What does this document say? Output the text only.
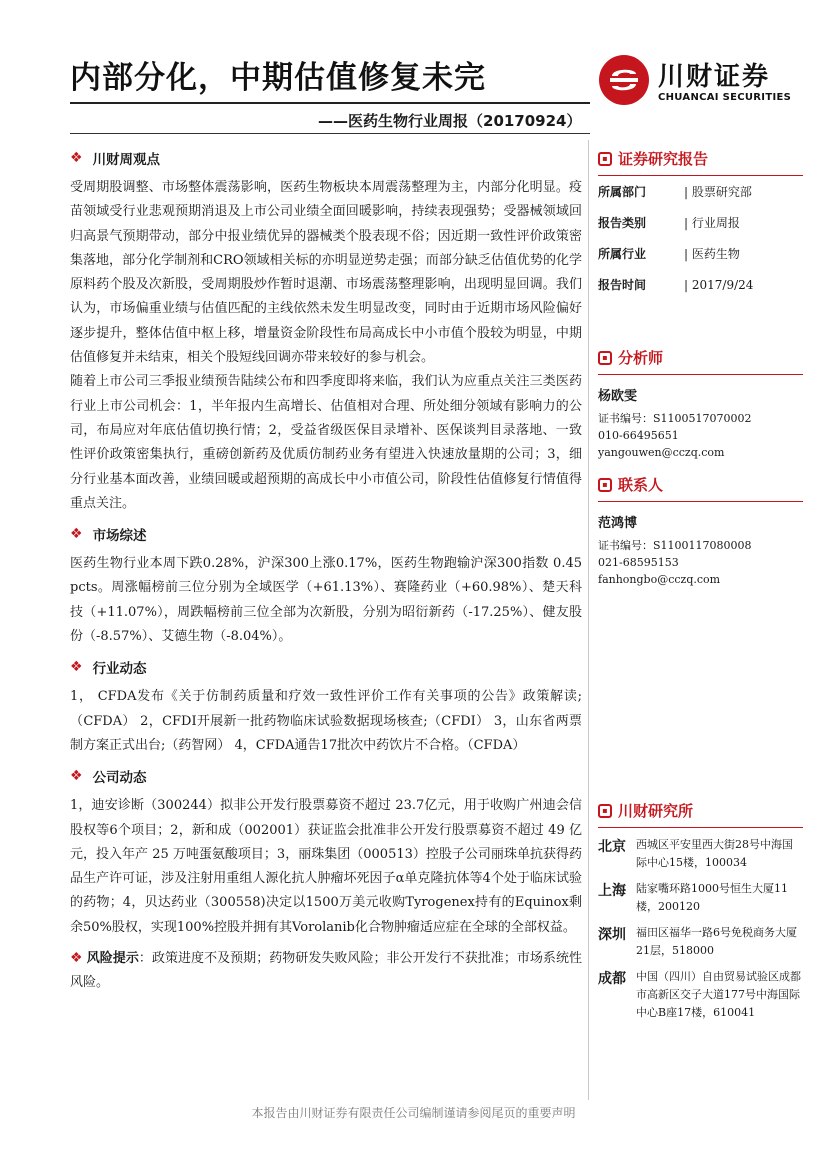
内部分化，中期估值修复未完
——医药生物行业周报（20170924）
川财证券
CHUANCAI SECURITIES
❖ 川财周观点

受周期股调整、市场整体震荡影响，医药生物板块本周震荡整理为主，内部分化明显。疫苗领域受行业悲观预期消退及上市公司业绩全面回暖影响，持续表现强势；受器械领域回归高景气预期带动，部分中报业绩优异的器械类个股表现不俗；因近期一致性评价政策密集落地，部分化学制剂和CRO领域相关标的亦明显逆势走强；而部分缺乏估值优势的化学原料药个股及次新股，受周期股炒作暂时退潮、市场震荡整理影响，出现明显回调。我们认为，市场偏重业绩与估值匹配的主线依然未发生明显改变，同时由于近期市场风险偏好逐步提升，整体估值中枢上移，增量资金阶段性布局高成长中小市值个股较为明显，中期估值修复并未结束，相关个股短线回调亦带来较好的参与机会。

随着上市公司三季报业绩预告陆续公布和四季度即将来临，我们认为应重点关注三类医药行业上市公司机会：1，半年报内生高增长、估值相对合理、所处细分领域有影响力的公司，布局应对年底估值切换行情；2，受益省级医保目录增补、医保谈判目录落地、一致性评价政策密集执行，重磅创新药及优质仿制药业务有望进入快速放量期的公司；3，细分行业基本面改善，业绩回暖或超预期的高成长中小市值公司，阶段性估值修复行情值得重点关注。

❖ 市场综述

医药生物行业本周下跌0.28%，沪深300上涨0.17%，医药生物跑输沪深300指数 0.45 pcts。周涨幅榜前三位分别为全域医学（+61.13%）、赛隆药业（+60.98%）、楚天科技（+11.07%），周跌幅榜前三位全部为次新股，分别为昭衍新药（-17.25%）、健友股份（-8.57%）、艾德生物（-8.04%）。

❖ 行业动态

1， CFDA发布《关于仿制药质量和疗效一致性评价工作有关事项的公告》政策解读;（CFDA） 2，CFDI开展新一批药物临床试验数据现场核查;（CFDI） 3，山东省两票制方案正式出台;（药智网） 4，CFDA通告17批次中药饮片不合格。（CFDA）

❖ 公司动态

1，迪安诊断（300244）拟非公开发行股票募资不超过 23.7亿元，用于收购广州迪会信股权等6个项目；2，新和成（002001）获证监会批准非公开发行股票募资不超过 49 亿元，投入年产 25 万吨蛋氨酸项目；3，丽珠集团（000513）控股子公司丽珠单抗获得药品生产许可证，涉及注射用重组人源化抗人肿瘤坏死因子α单克隆抗体等4个处于临床试验的药物；4，贝达药业（300558)决定以1500万美元收购Tyrogenex持有的Equinox剩余50%股权，实现100%控股并拥有其Vorolanib化合物肿瘤适应症在全球的全部权益。

❖ 风险提示：政策进度不及预期；药物研发失败风险；非公开发行不获批准；市场系统性风险。

▪ 证券研究报告
所属部门	| 股票研究部
报告类别	| 行业周报
所属行业	| 医药生物
报告时间	| 2017/9/24
▪ 分析师
杨欧雯
证书编号：S1100517070002
010-66495651
yangouwen@cczq.com
▪ 联系人
范鸿博
证书编号：S1100117080008
021-68595153
fanhongbo@cczq.com
▪ 川财研究所
北京 西城区平安里西大街28号中海国际中心15楼，100034
上海 陆家嘴环路1000号恒生大厦11楼，200120
深圳 福田区福华一路6号免税商务大厦21层，518000
成都 中国（四川）自由贸易试验区成都市高新区交子大道177号中海国际中心B座17楼，610041
本报告由川财证券有限责任公司编制谨请参阅尾页的重要声明
